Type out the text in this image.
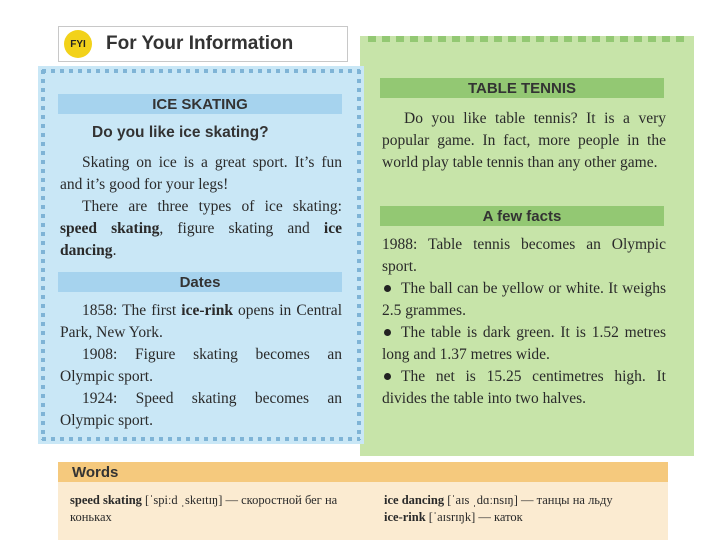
FYI	For Your Information
TABLE TENNIS

Do you like table tennis? It is a very popular game. In fact, more people in the world play table tennis than any other game.

A few facts

1988: Table tennis becomes an Olympic sport.

The ball can be yellow or white. It weighs 2.5 grammes.

The table is dark green. It is 1.52 metres long and 1.37 metres wide.

The net is 15.25 centimetres high. It divides the table into two halves.

ICE SKATING
Do you like ice skating?

Skating on ice is a great sport. It’s fun and it’s good for your legs!

There are three types of ice skating: speed skating, figure skating and ice dancing.

Dates

1858: The first ice-rink opens in Central Park, New York.

1908: Figure skating becomes an Olympic sport.

1924: Speed skating becomes an Olympic sport.

Words
speed skating [ˈspiːd ˌskeɪtɪŋ] — скоростной бег на коньках
ice dancing [ˈaɪs ˌdɑːnsɪŋ] — танцы на льду
ice-rink [ˈaɪsrɪŋk] — каток
